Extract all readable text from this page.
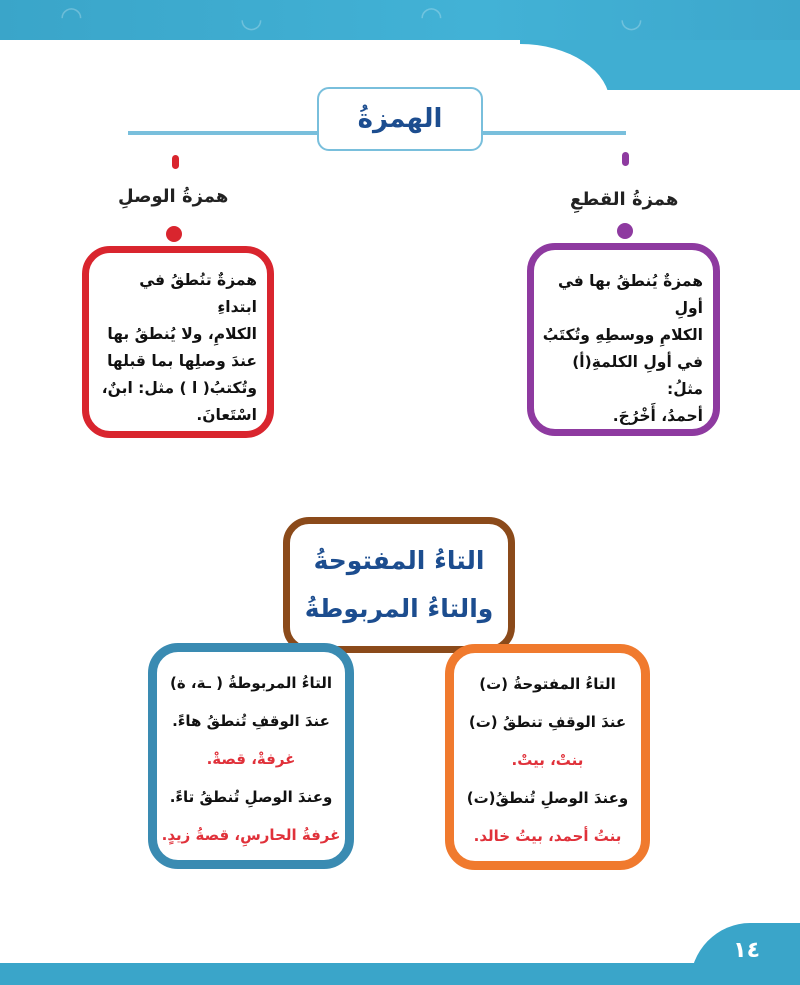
◠	◡	◠	◡
الهمزةُ
همزةُ الوصلِ

همزةٌ تنُطقُ في ابتداءِ

الكلامِ، ولا يُنطقُ بها

عندَ وصلِها بما قبلها

وتُكتبُ( ا ) مثل: ابنٌ،

اسْتَعانَ.

همزةُ القطعِ

همزةٌ يُنطقُ بها في أولِ

الكلامِ ووسطِهِ وتُكتَبُ

في أولِ الكلمةِ(أ) مثلُ:

أحمدُ، أَخْرُجَ.

التاءُ المفتوحةُ
والتاءُ المربوطةُ

التاءُ المربوطةُ ( ـة، ة)

عندَ الوقفِ تُنطقُ هاءً.

غرفةْ، قصةْ.

وعندَ الوصلِ تُنطقُ تاءً.

غرفةُ الحارسِ، قصةُ زيدٍ.

التاءُ المفتوحةُ (ت)

عندَ الوقفِ تنطقُ (ت)

بنتْ، بيتْ.

وعندَ الوصلِ تُنطقُ(ت)

بنتُ أحمد، بيتُ خالد.

١٤
